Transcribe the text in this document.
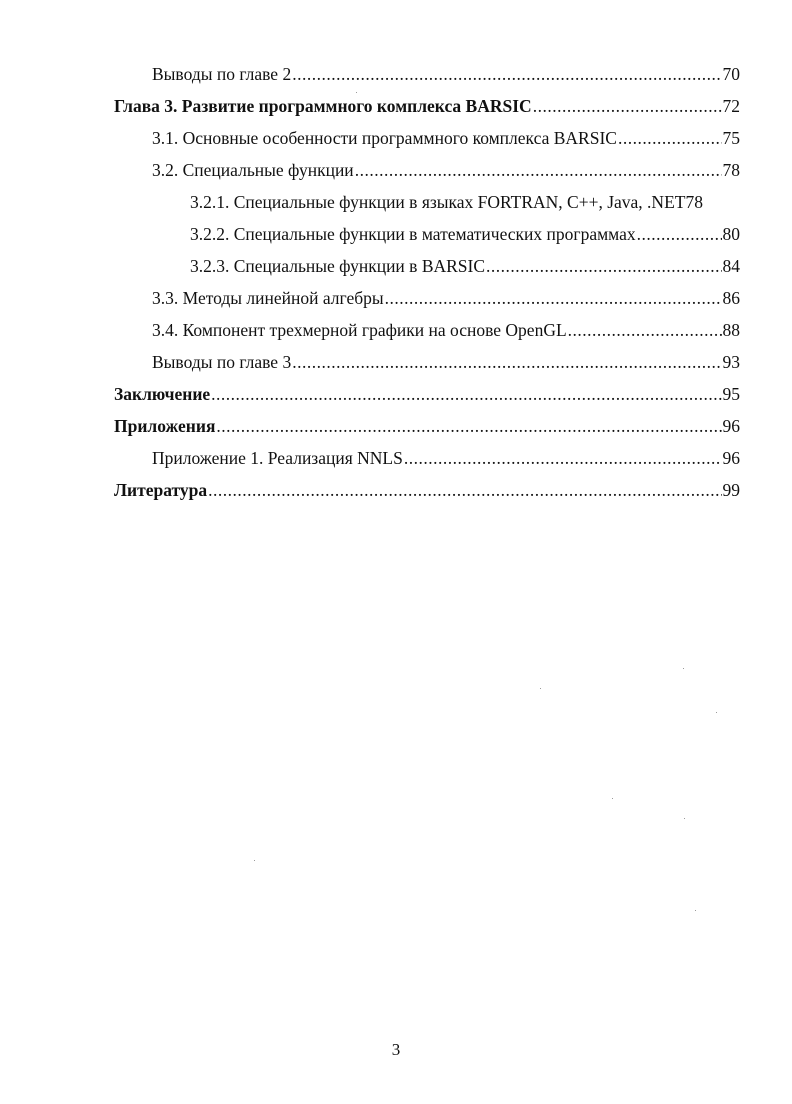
Выводы по главе 2 .....	70
Глава 3. Развитие программного комплекса BARSIC .....	72
3.1. Основные особенности программного комплекса BARSIC .....	75
3.2. Специальные функции .....	78
3.2.1. Специальные функции в языках FORTRAN, C++, Java, .NET 78
3.2.2. Специальные функции в математических программах .....	80
3.2.3. Специальные функции в BARSIC .....	84
3.3. Методы линейной алгебры .....	86
3.4. Компонент трехмерной графики на основе OpenGL .....	88
Выводы по главе 3 .....	93
Заключение .....	95
Приложения .....	96
Приложение 1. Реализация NNLS .....	96
Литература .....	99
3
